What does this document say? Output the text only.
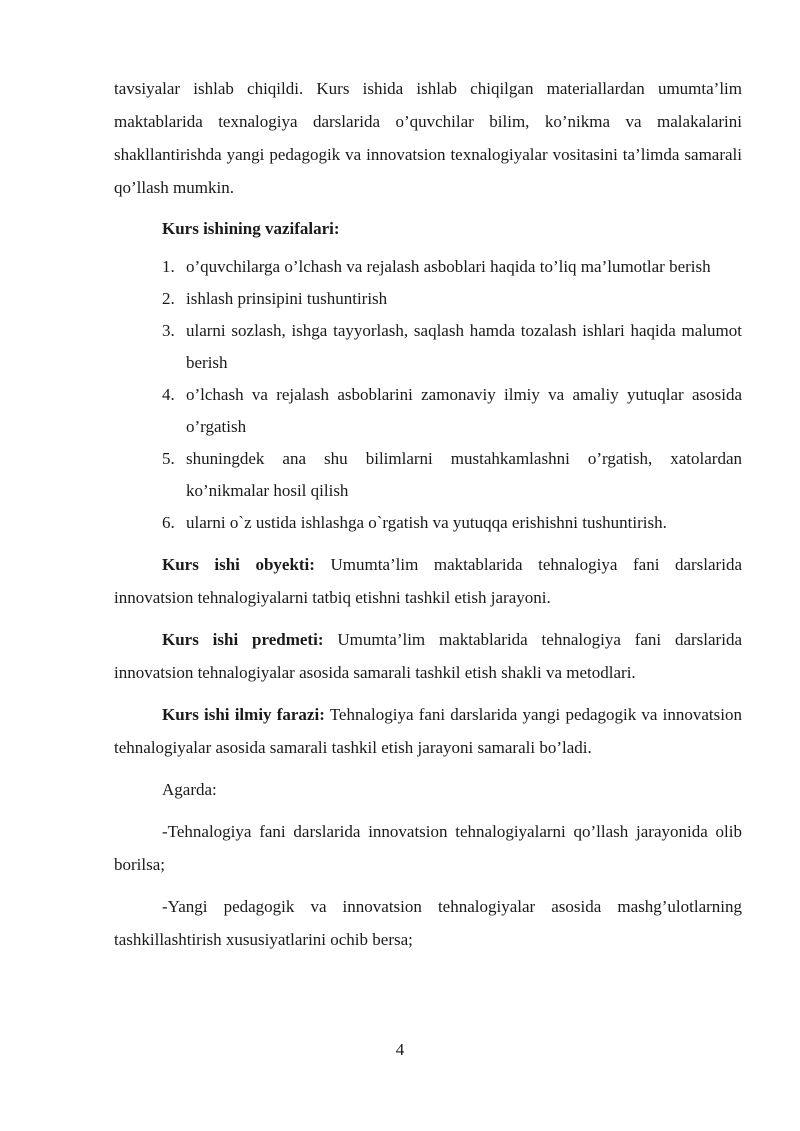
tavsiyalar ishlab chiqildi. Kurs ishida ishlab chiqilgan materiallardan umumta’lim maktablarida texnalogiya darslarida o’quvchilar bilim, ko’nikma va malakalarini shakllantirishda yangi pedagogik va innovatsion texnalogiyalar vositasini ta’limda samarali qo’llash mumkin.

Kurs ishining vazifalari:

1. o’quvchilarga o’lchash va rejalash asboblari haqida to’liq ma’lumotlar berish
2. ishlash prinsipini tushuntirish
3. ularni sozlash, ishga tayyorlash, saqlash hamda tozalash ishlari haqida malumot berish
4. o’lchash va rejalash asboblarini zamonaviy ilmiy va amaliy yutuqlar asosida o’rgatish
5. shuningdek ana shu bilimlarni mustahkamlashni o’rgatish, xatolardan ko’nikmalar hosil qilish
6. ularni o`z ustida ishlashga o`rgatish va yutuqqa erishishni tushuntirish.

Kurs ishi obyekti: Umumta’lim maktablarida tehnalogiya fani darslarida innovatsion tehnalogiyalarni tatbiq etishni tashkil etish jarayoni.

Kurs ishi predmeti: Umumta’lim maktablarida tehnalogiya fani darslarida innovatsion tehnalogiyalar asosida samarali tashkil etish shakli va metodlari.

Kurs ishi ilmiy farazi: Tehnalogiya fani darslarida yangi pedagogik va innovatsion tehnalogiyalar asosida samarali tashkil etish jarayoni samarali bo’ladi.

Agarda:

-Tehnalogiya fani darslarida innovatsion tehnalogiyalarni qo’llash jarayonida olib borilsa;

-Yangi pedagogik va innovatsion tehnalogiyalar asosida mashg’ulotlarning tashkillashtirish xususiyatlarini ochib bersa;

4
